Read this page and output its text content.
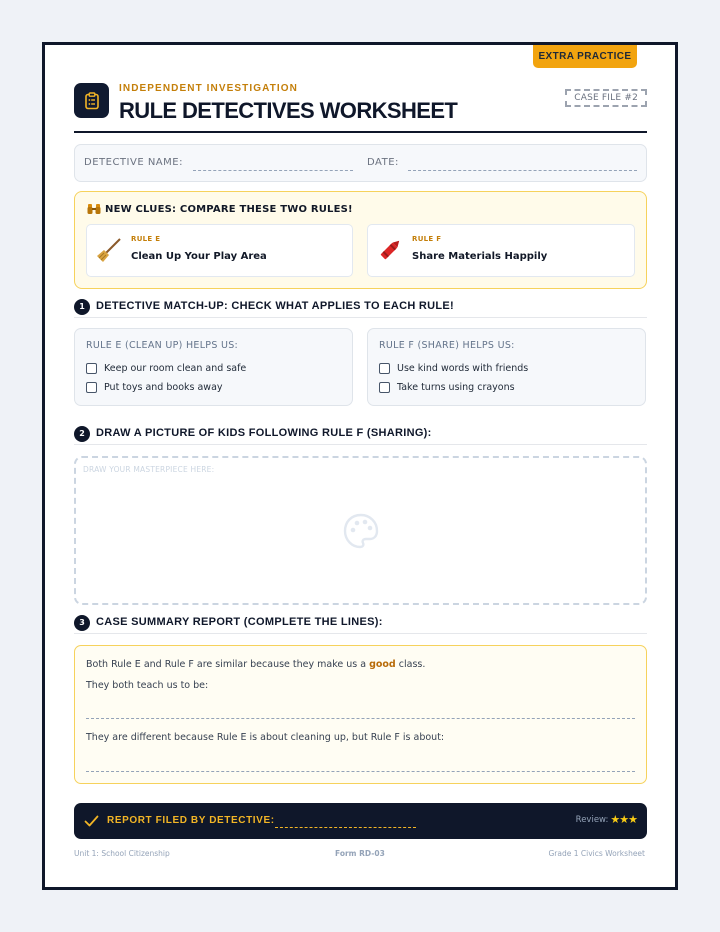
EXTRA PRACTICE
INDEPENDENT INVESTIGATION
RULE DETECTIVES WORKSHEET	CASE FILE #2
DETECTIVE NAME:	DATE:
NEW CLUES: COMPARE THESE TWO RULES!
RULE E
Clean Up Your Play Area
RULE F
Share Materials Happily
1	DETECTIVE MATCH-UP: CHECK WHAT APPLIES TO EACH RULE!
RULE E (CLEAN UP) HELPS US:
Keep our room clean and safe
Put toys and books away
RULE F (SHARE) HELPS US:
Use kind words with friends
Take turns using crayons
2	DRAW A PICTURE OF KIDS FOLLOWING RULE F (SHARING):
DRAW YOUR MASTERPIECE HERE:
3	CASE SUMMARY REPORT (COMPLETE THE LINES):
Both Rule E and Rule F are similar because they make us a good class.
They both teach us to be:
They are different because Rule E is about cleaning up, but Rule F is about:
REPORT FILED BY DETECTIVE:	Review: ★★★
Unit 1: School Citizenship	Form RD-03	Grade 1 Civics Worksheet
